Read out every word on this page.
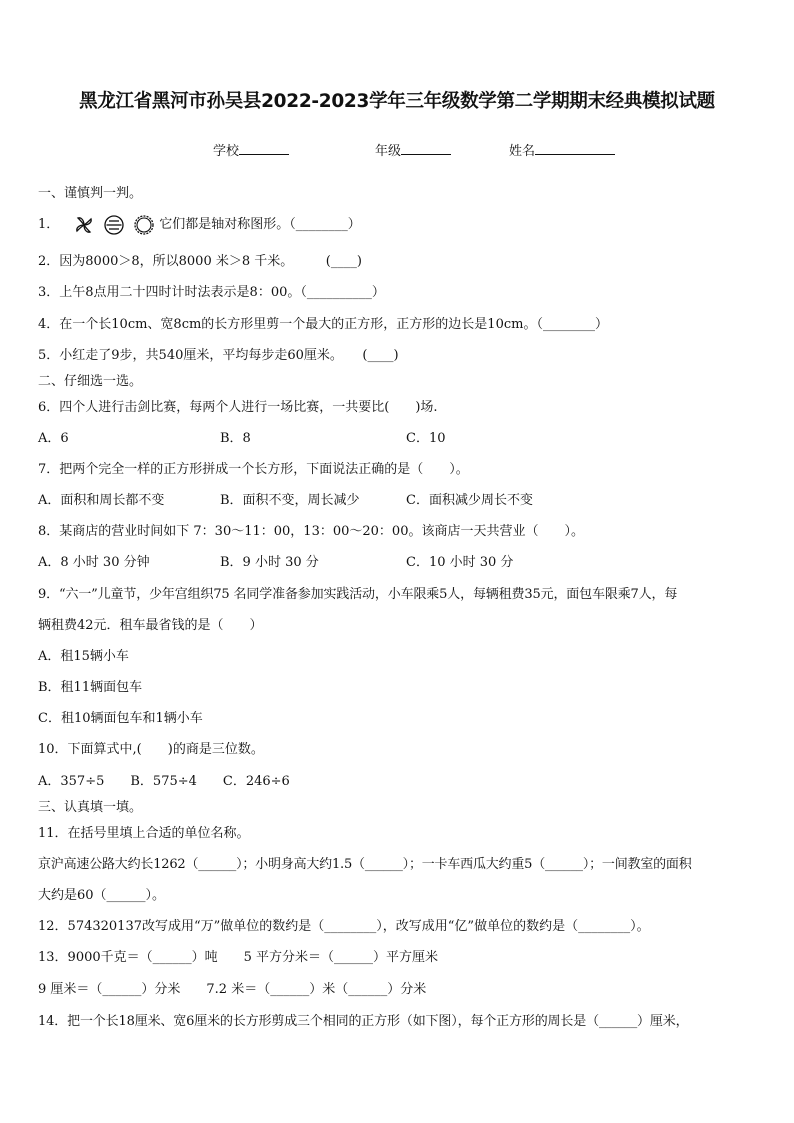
黑龙江省黑河市孙吴县2022-2023学年三年级数学第二学期期末经典模拟试题
学校	年级	姓名
一、谨慎判一判。
1．	它们都是轴对称图形。（________）
2．因为8000＞8，所以8000 米＞8 千米。　　　(____)
3．上午8点用二十四时计时法表示是8：00。（__________）
4．在一个长10cm、宽8cm的长方形里剪一个最大的正方形，正方形的边长是10cm。（________）
5．小红走了9步，共540厘米，平均每步走60厘米。　　(____)
二、仔细选一选。
6．四个人进行击剑比赛，每两个人进行一场比赛，一共要比(　　)场.
A．6	B．8	C．10
7．把两个完全一样的正方形拼成一个长方形，下面说法正确的是（　　）。
A．面积和周长都不变	B．面积不变，周长减少	C．面积减少周长不变
8．某商店的营业时间如下 7：30～11：00，13：00～20：00。该商店一天共营业（　　）。
A．8 小时 30 分钟	B．9 小时 30 分	C．10 小时 30 分
9．“六一”儿童节，少年宫组织75 名同学准备参加实践活动，小车限乘5人，每辆租费35元，面包车限乘7人，每
辆租费42元．租车最省钱的是（　　）
A．租15辆小车
B．租11辆面包车
C．租10辆面包车和1辆小车
10．下面算式中,(　　)的商是三位数。
A．357÷5　　B．575÷4　　C．246÷6
三、认真填一填。
11．在括号里填上合适的单位名称。
京沪高速公路大约长1262（______）；小明身高大约1.5（______）；一卡车西瓜大约重5（______）；一间教室的面积
大约是60（______）。
12．574320137改写成用“万”做单位的数约是（________），改写成用“亿”做单位的数约是（________）。
13．9000千克＝（______）吨　　5 平方分米＝（______）平方厘米
9 厘米＝（______）分米　　7.2 米＝（______）米（______）分米
14．把一个长18厘米、宽6厘米的长方形剪成三个相同的正方形（如下图），每个正方形的周长是（______）厘米，
